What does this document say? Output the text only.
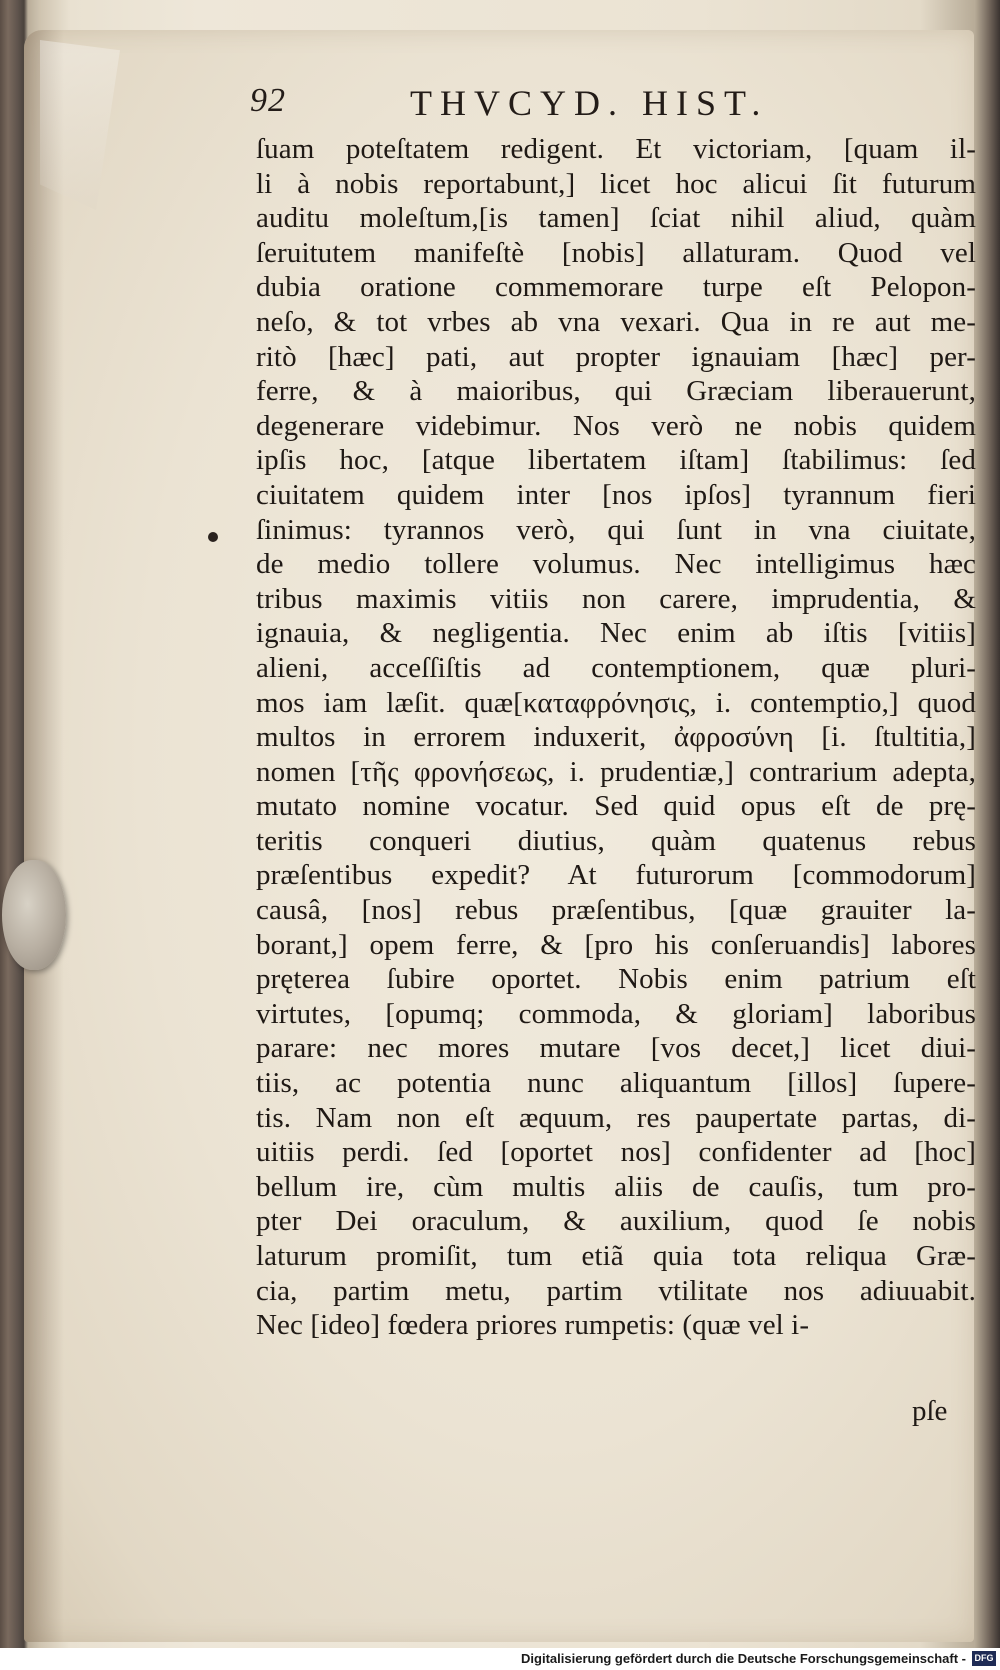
92	THVCYD. HIST.
ſuam poteſtatem redigent. Et victoriam, [quam il-
li à nobis reportabunt,] licet hoc alicui ſit futurum
auditu moleſtum,[is tamen] ſciat nihil aliud, quàm
ſeruitutem manifeſtè [nobis] allaturam. Quod vel
dubia oratione commemorare turpe eſt Pelopon-
neſo, & tot vrbes ab vna vexari. Qua in re aut me-
ritò [hæc] pati, aut propter ignauiam [hæc] per-
ferre, & à maioribus, qui Græciam liberauerunt,
degenerare videbimur. Nos verò ne nobis quidem
ipſis hoc, [atque libertatem iſtam] ſtabilimus: ſed
ciuitatem quidem inter [nos ipſos] tyrannum fieri
ſinimus: tyrannos verò, qui ſunt in vna ciuitate,
de medio tollere volumus. Nec intelligimus hæc
tribus maximis vitiis non carere, imprudentia, &
ignauia, & negligentia. Nec enim ab iſtis [vitiis]
alieni, acceſſiſtis ad contemptionem, quæ pluri-
mos iam læſit. quæ[καταφρόνησις, i. contemptio,] quod
multos in errorem induxerit, ἀφροσύνη [i. ſtultitia,]
nomen [τῆς φρονήσεως, i. prudentiæ,] contrarium adepta,
mutato nomine vocatur. Sed quid opus eſt de prę-
teritis conqueri diutius, quàm quatenus rebus
præſentibus expedit? At futurorum [commodorum]
causâ, [nos] rebus præſentibus, [quæ grauiter la-
borant,] opem ferre, & [pro his conſeruandis] labores
pręterea ſubire oportet. Nobis enim patrium eſt
virtutes, [opumq; commoda, & gloriam] laboribus
parare: nec mores mutare [vos decet,] licet diui-
tiis, ac potentia nunc aliquantum [illos] ſupere-
tis. Nam non eſt æquum, res paupertate partas, di-
uitiis perdi. ſed [oportet nos] confidenter ad [hoc]
bellum ire, cùm multis aliis de cauſis, tum pro-
pter Dei oraculum, & auxilium, quod ſe nobis
laturum promiſit, tum etiã quia tota reliqua Græ-
cia, partim metu, partim vtilitate nos adiuuabit.
Nec [ideo] fœdera priores rumpetis: (quæ vel i-
pſe
Digitalisierung gefördert durch die Deutsche Forschungsgemeinschaft - DFG
